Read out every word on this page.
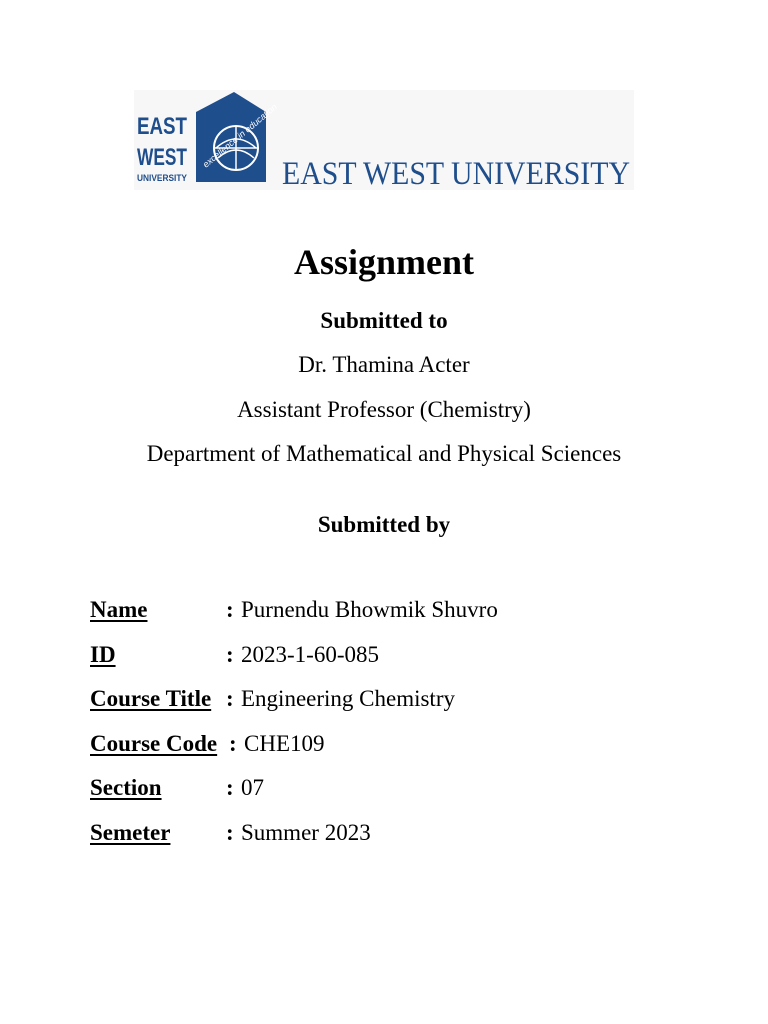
EAST
WEST
UNIVERSITY
excellence in education
EAST WEST UNIVERSITY
Assignment
Submitted to
Dr. Thamina Acter
Assistant Professor (Chemistry)
Department of Mathematical and Physical Sciences
Submitted by
Name	: Purnendu Bhowmik Shuvro
ID	: 2023-1-60-085
Course Title : Engineering Chemistry
Course Code : CHE109
Section	: 07
Semeter : Summer 2023
